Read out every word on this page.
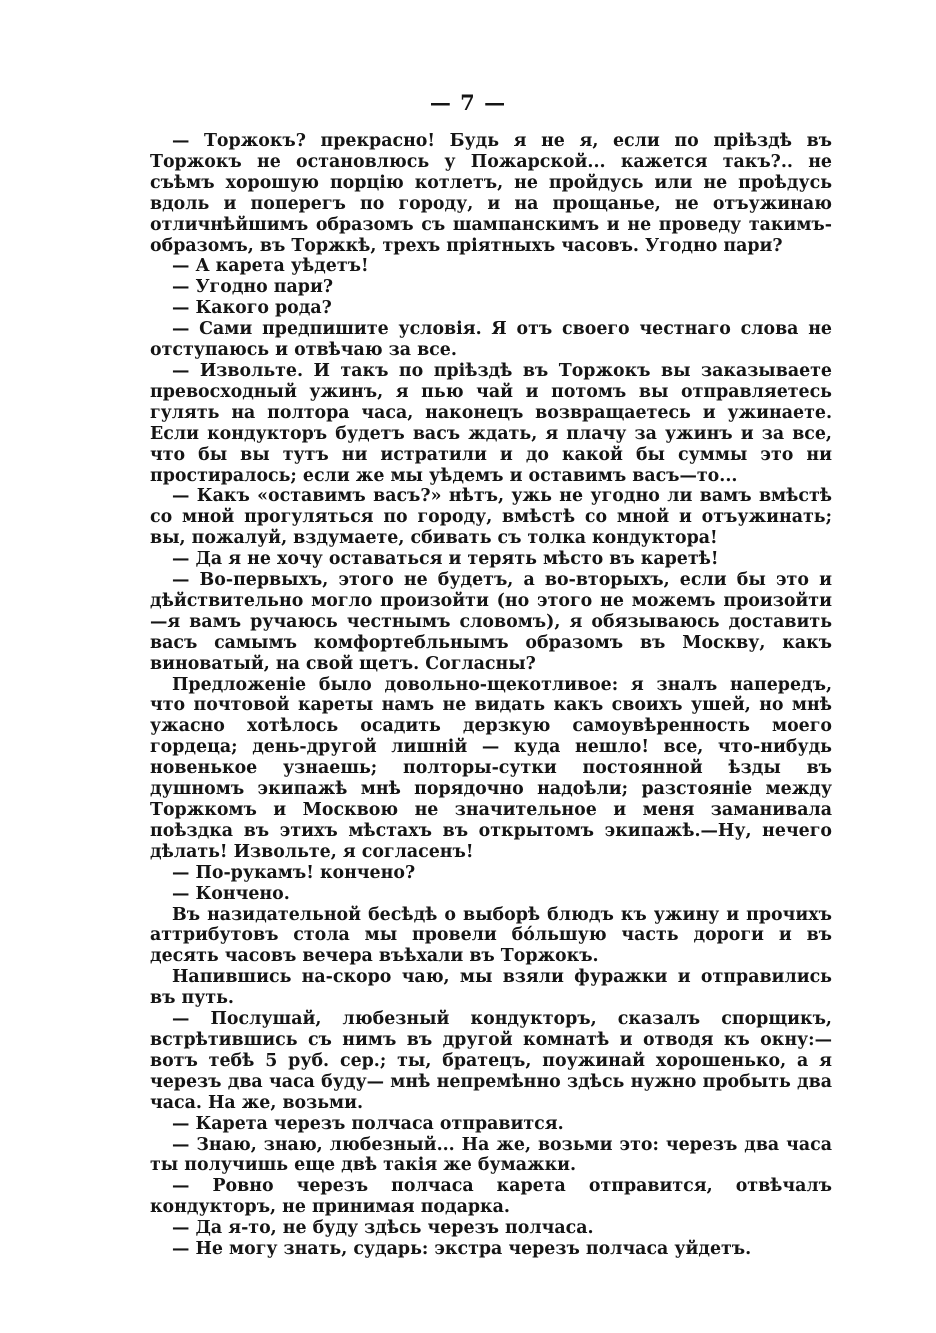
— 7 —

— Торжокъ? прекрасно! Будь я не я, если по пріѣздѣ въ Торжокъ не остановлюсь у Пожарской... кажется такъ?.. не съѣмъ хорошую порцію котлетъ, не пройдусь или не проѣдусь вдоль и поперегъ по городу, и на прощанье, не отъужинаю отличнѣйшимъ образомъ съ шампанскимъ и не проведу такимъ-образомъ, въ Торжкѣ, трехъ пріятныхъ часовъ. Угодно пари?

— А карета уѣдетъ!

— Угодно пари?

— Какого рода?

— Сами предпишите условія. Я отъ своего честнаго слова не отступаюсь и отвѣчаю за все.

— Извольте. И такъ по пріѣздѣ въ Торжокъ вы заказываете превосходный ужинъ, я пью чай и потомъ вы отправляетесь гулять на полтора часа, наконецъ возвращаетесь и ужинаете. Если кондукторъ будетъ васъ ждать, я плачу за ужинъ и за все, что бы вы тутъ ни истратили и до какой бы суммы это ни простиралось; если же мы уѣдемъ и оставимъ васъ—то...

— Какъ «оставимъ васъ?» нѣтъ, ужь не угодно ли вамъ вмѣстѣ со мной прогуляться по городу, вмѣстѣ со мной и отъужинать; вы, пожалуй, вздумаете, сбивать съ толка кондуктора!

— Да я не хочу оставаться и терять мѣсто въ каретѣ!

— Во-первыхъ, этого не будетъ, а во-вторыхъ, если бы это и дѣйствительно могло произойти (но этого не можемъ произойти—я вамъ ручаюсь честнымъ словомъ), я обязываюсь доставить васъ самымъ комфортебльнымъ образомъ въ Москву, какъ виноватый, на свой щетъ. Согласны?

Предложеніе было довольно-щекотливое: я зналъ напередъ, что почтовой кареты намъ не видать какъ своихъ ушей, но мнѣ ужасно хотѣлось осадить дерзкую самоувѣренность моего гордеца; день-другой лишній — куда нешло! все, что-нибудь новенькое узнаешь; полторы-сутки постоянной ѣзды въ душномъ экипажѣ мнѣ порядочно надоѣли; разстояніе между Торжкомъ и Москвою не значительное и меня заманивала поѣздка въ этихъ мѣстахъ въ открытомъ экипажѣ.—Ну, нечего дѣлать! Извольте, я согласенъ!

— По-рукамъ! кончено?

— Кончено.

Въ назидательной бесѣдѣ о выборѣ блюдъ къ ужину и прочихъ аттрибутовъ стола мы провели бо́льшую часть дороги и въ десять часовъ вечера въѣхали въ Торжокъ.

Напившись на-скоро чаю, мы взяли фуражки и отправились въ путь.

— Послушай, любезный кондукторъ, сказалъ спорщикъ, встрѣтившись съ нимъ въ другой комнатѣ и отводя къ окну:—вотъ тебѣ 5 руб. сер.; ты, братецъ, поужинай хорошенько, а я черезъ два часа буду— мнѣ непремѣнно здѣсь нужно пробыть два часа. На же, возьми.

— Карета черезъ полчаса отправится.

— Знаю, знаю, любезный... На же, возьми это: черезъ два часа ты получишь еще двѣ такія же бумажки.

— Ровно черезъ полчаса карета отправится, отвѣчалъ кондукторъ, не принимая подарка.

— Да я-то, не буду здѣсь черезъ полчаса.

— Не могу знать, сударь: экстра черезъ полчаса уйдетъ.
